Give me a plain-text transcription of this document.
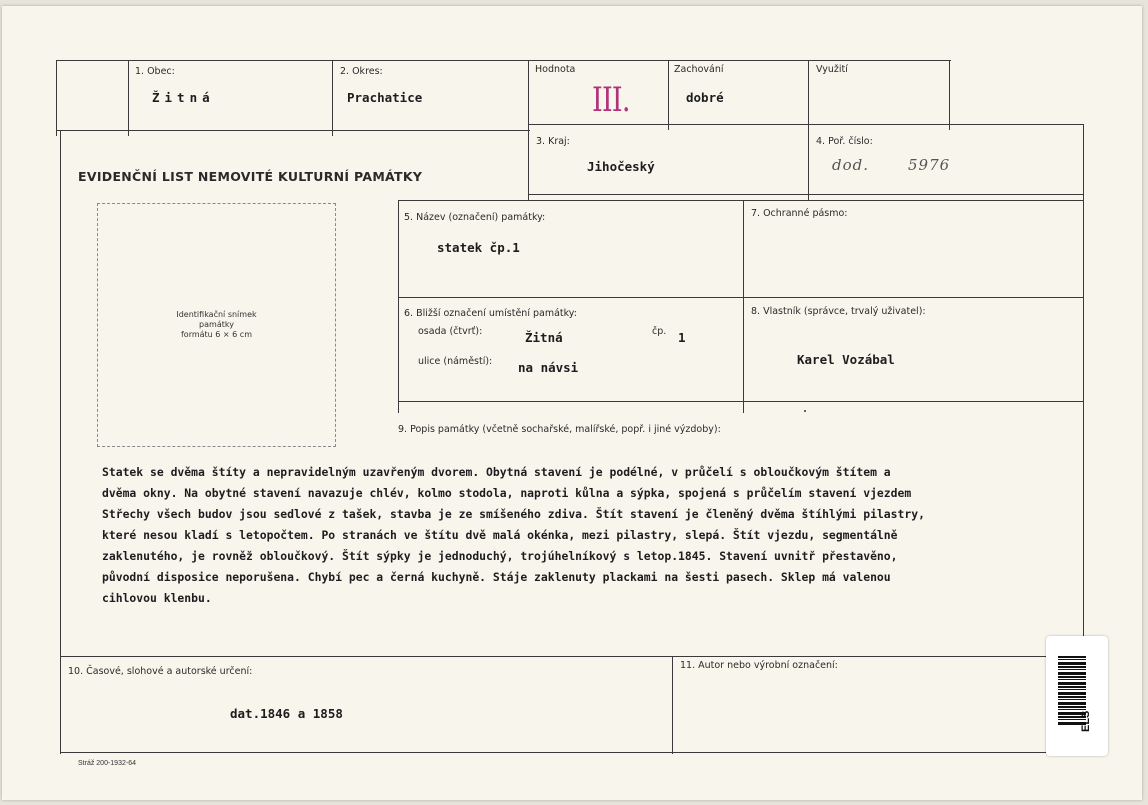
1. Obec:
Žitná
2. Okres:
Prachatice
Hodnota
III.
Zachování
dobré
Využití
EVIDENČNÍ LIST NEMOVITÉ KULTURNÍ PAMÁTKY
3. Kraj:
Jihočeský
4. Poř. číslo:
dod.	5976
5. Název (označení) památky:
statek čp.1
7. Ochranné pásmo:
6. Bližší označení umístění památky:
osada (čtvrť):	Žitná	čp. 1
ulice (náměstí): na návsi
8. Vlastník (správce, trvalý uživatel):
Karel Vozábal
Identifikační snímek
památky
formátu 6 × 6 cm
9. Popis památky (včetně sochařské, malířské, popř. i jiné výzdoby):
Statek se dvěma štíty a nepravidelným uzavřeným dvorem. Obytná stavení je podélné, v průčelí s obloučkovým štítem a
dvěma okny. Na obytné stavení navazuje chlév, kolmo stodola, naproti kůlna a sýpka, spojená s průčelím stavení vjezdem
Střechy všech budov jsou sedlové z tašek, stavba je ze smíšeného zdiva. Štít stavení je členěný dvěma štíhlými pilastry,
které nesou kladí s letopočtem. Po stranách ve štítu dvě malá okénka, mezi pilastry, slepá. Štít vjezdu, segmentálně
zaklenutého, je rovněž obloučkový. Štít sýpky je jednoduchý, trojúhelníkový s letop.1845. Stavení uvnitř přestavěno,
původní disposice neporušena. Chybí pec a černá kuchyně. Stáje zaklenuty plackami na šesti pasech. Sklep má valenou
cihlovou klenbu.
10. Časové, slohové a autorské určení:
dat.1846 a 1858
11. Autor nebo výrobní označení:
Stráž 200-1932-64
ELS
